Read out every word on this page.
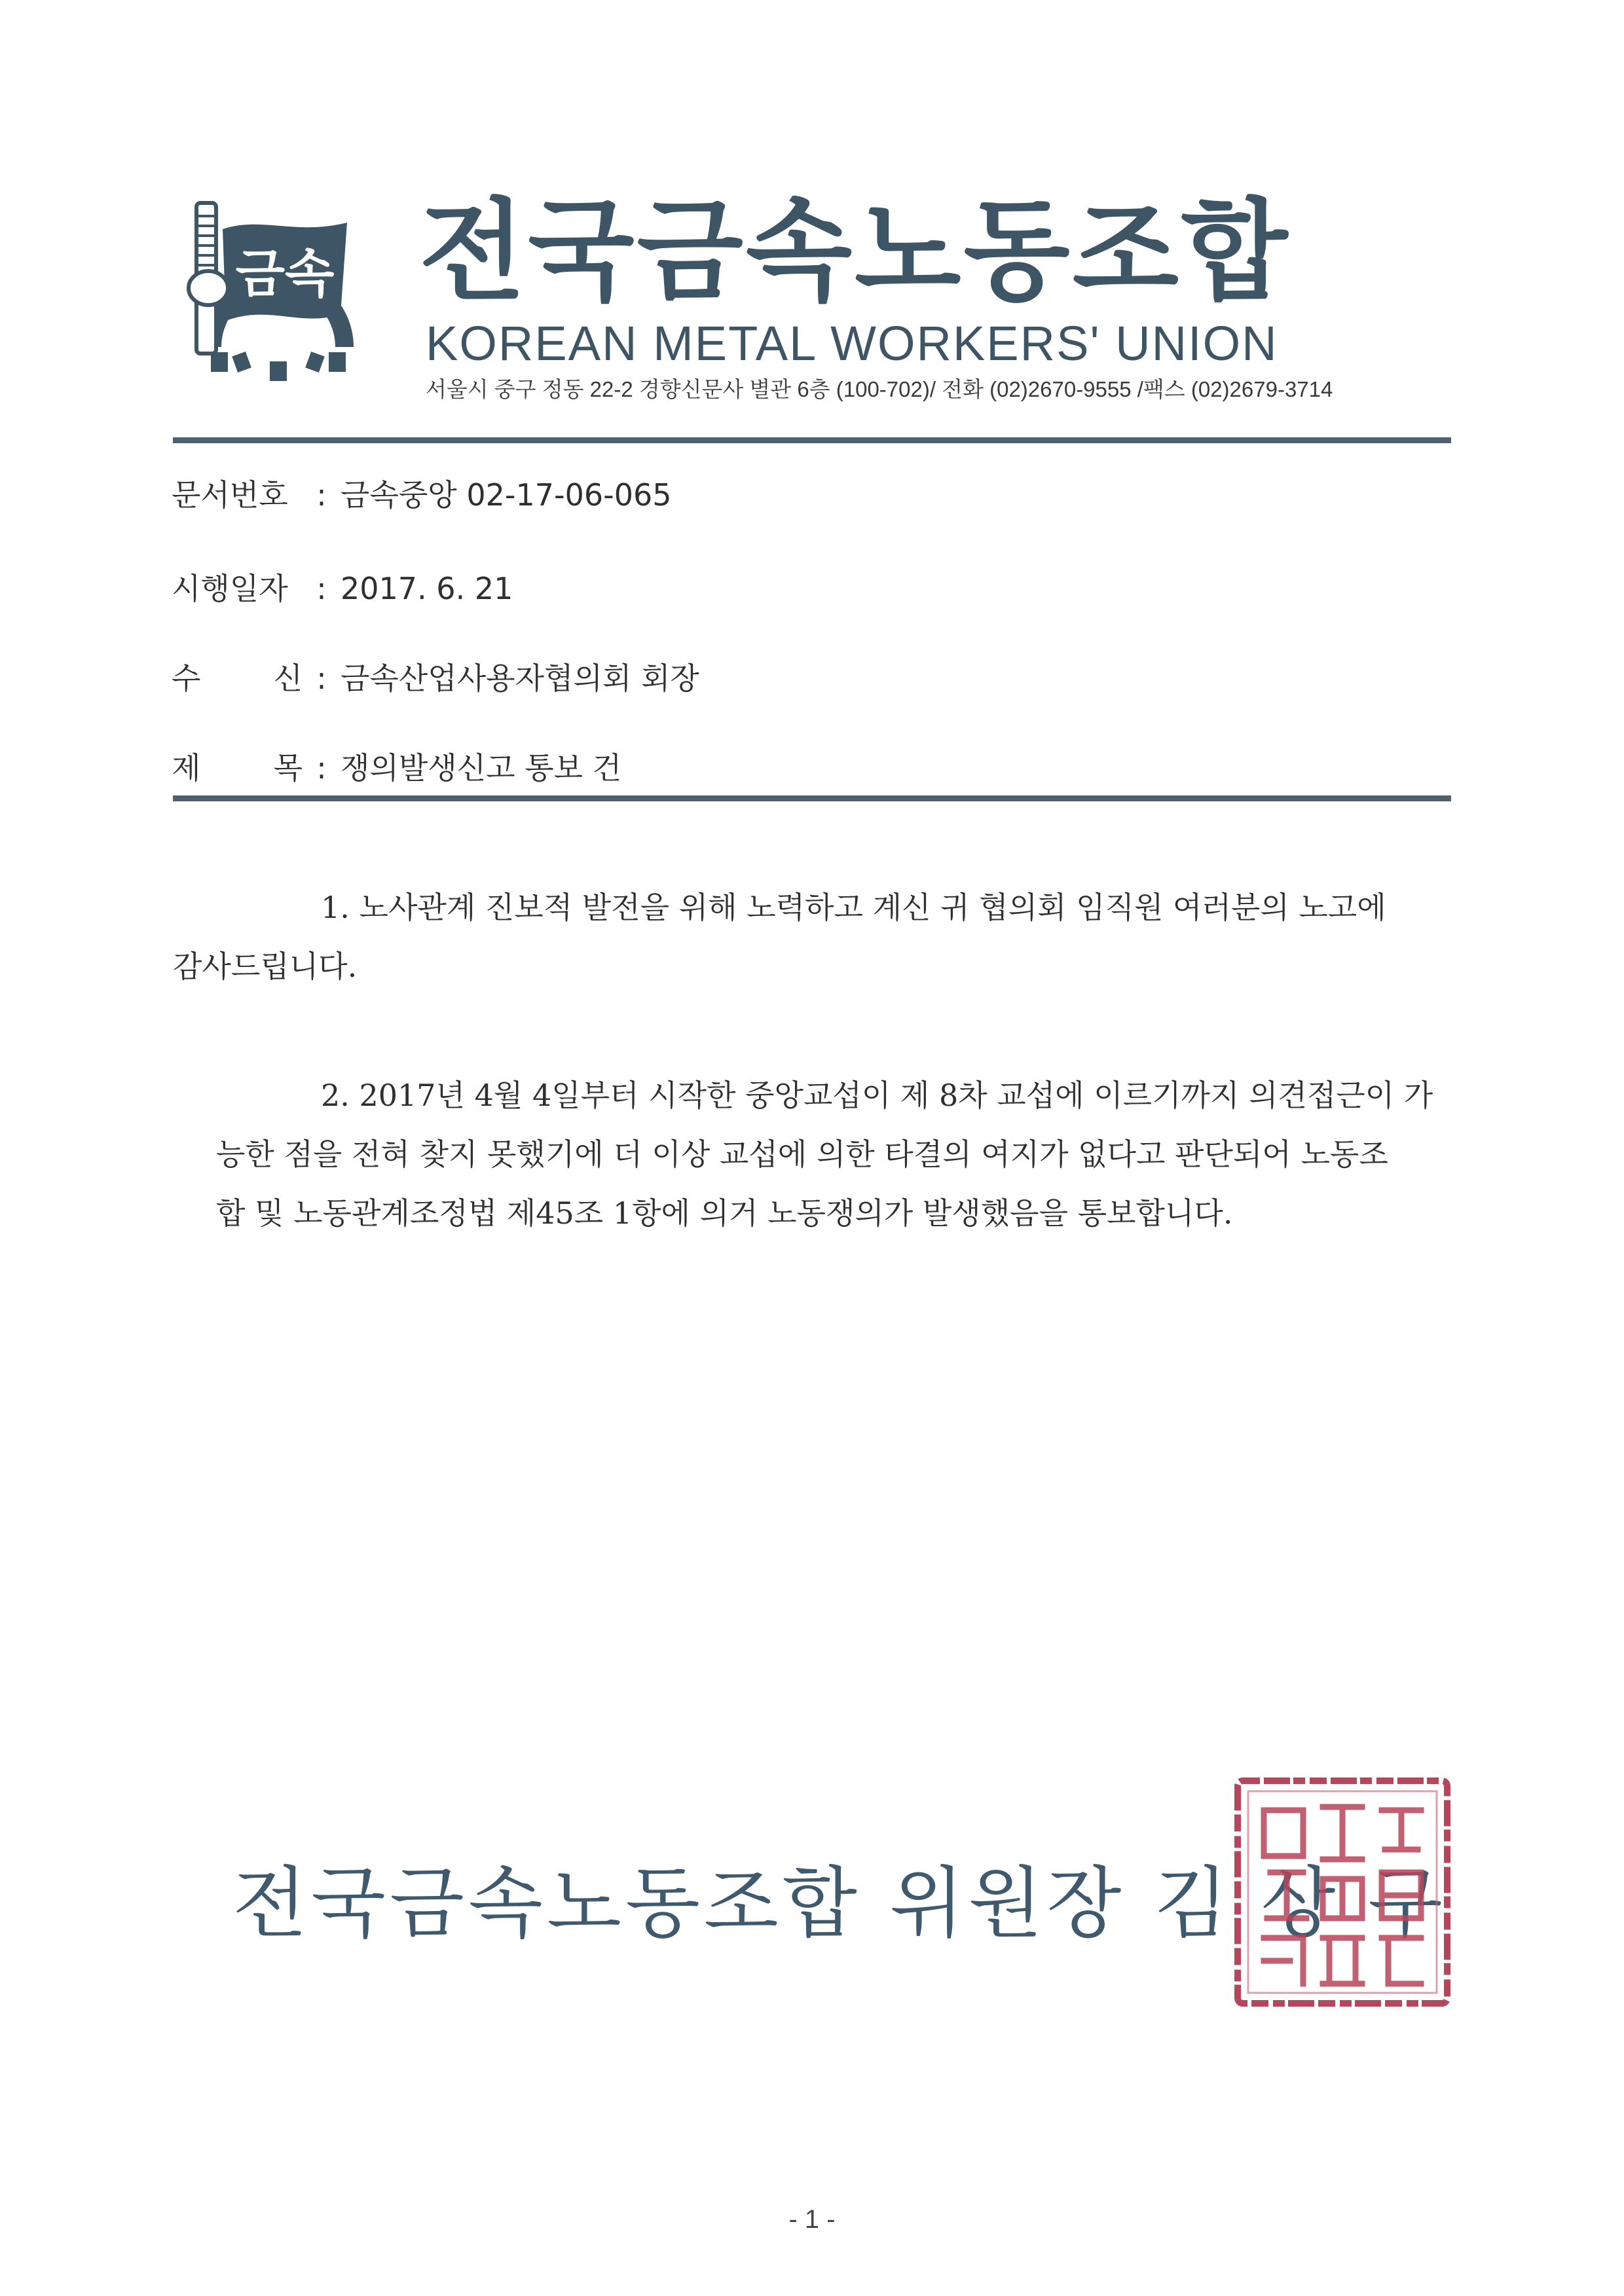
금속 전국금속노동조합
KOREAN METAL WORKERS' UNION
서울시 중구 정동 22-2 경향신문사 별관 6층 (100-702)/ 전화 (02)2670-9555 /팩스 (02)2679-3714
문서번호 : 금속중앙 02-17-06-065
시행일자 : 2017. 6. 21
수 신 : 금속산업사용자협의회 회장
제 목 : 쟁의발생신고 통보 건
1. 노사관계 진보적 발전을 위해 노력하고 계신 귀 협의회 임직원 여러분의 노고에
감사드립니다.
2. 2017년 4월 4일부터 시작한 중앙교섭이 제 8차 교섭에 이르기까지 의견접근이 가
능한 점을 전혀 찾지 못했기에 더 이상 교섭에 의한 타결의 여지가 없다고 판단되어 노동조
합 및 노동관계조정법 제45조 1항에 의거 노동쟁의가 발생했음을 통보합니다.
전국금속노동조합 위원장 김 상 구
- 1 -
